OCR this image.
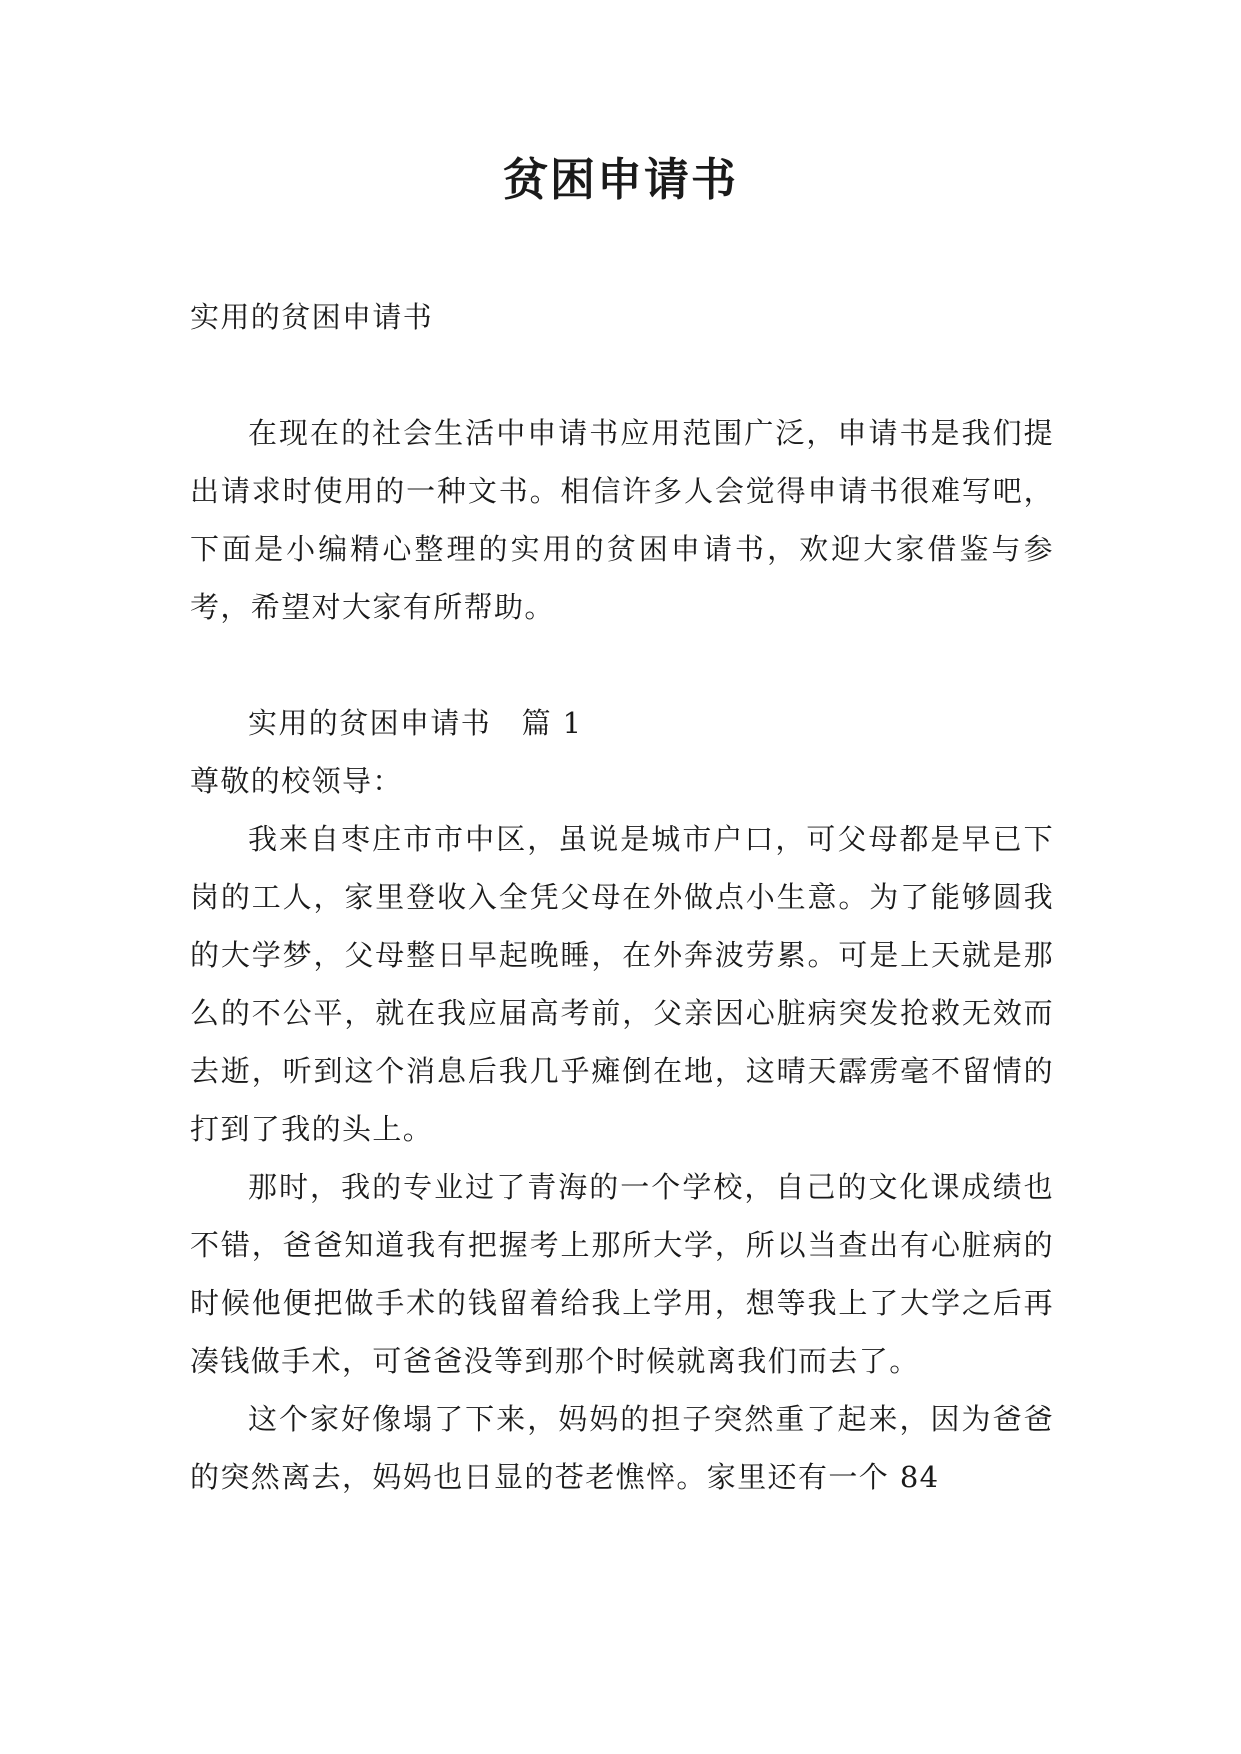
贫困申请书

实用的贫困申请书

在现在的社会生活中申请书应用范围广泛，申请书是我们提出请求时使用的一种文书。相信许多人会觉得申请书很难写吧，下面是小编精心整理的实用的贫困申请书，欢迎大家借鉴与参考，希望对大家有所帮助。

实用的贫困申请书　篇 1

尊敬的校领导：

我来自枣庄市市中区，虽说是城市户口，可父母都是早已下岗的工人，家里登收入全凭父母在外做点小生意。为了能够圆我的大学梦，父母整日早起晚睡，在外奔波劳累。可是上天就是那么的不公平，就在我应届高考前，父亲因心脏病突发抢救无效而去逝，听到这个消息后我几乎瘫倒在地，这晴天霹雳毫不留情的打到了我的头上。

那时，我的专业过了青海的一个学校，自己的文化课成绩也不错，爸爸知道我有把握考上那所大学，所以当查出有心脏病的时候他便把做手术的钱留着给我上学用，想等我上了大学之后再凑钱做手术，可爸爸没等到那个时候就离我们而去了。

这个家好像塌了下来，妈妈的担子突然重了起来，因为爸爸的突然离去，妈妈也日显的苍老憔悴。家里还有一个 84
